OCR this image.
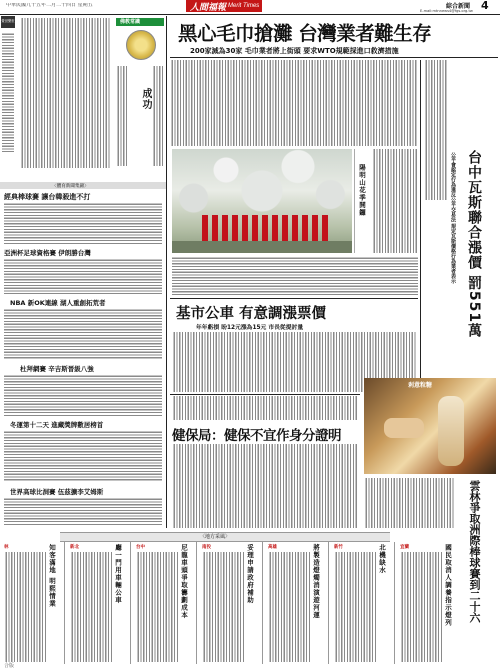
中華民國九十五年二月二十四日 星期五	人間福報 Merit Times	綜合新聞 4
E-mail:mtnnews4@fgs.org.tw
覺世樂世	佛教常識
成功
〈體育新聞集錦〉
經典棒球賽 讓台韓殺進不打
亞洲杯足球資格賽 伊朗勝台灣
NBA 新OK連線 湖人重創拓荒者
杜拜網賽 辛吉斯晉級八強
冬運第十二天 進藏獎牌數居榜首
世界高球比洞賽 伍茲擴李艾姆斯
黑心毛巾搶灘 台灣業者難生存
200家減為30家 毛巾業者將上街頭 要求WTO規範採進口救濟措施
陽明山花季開鑼	台中瓦斯聯合漲價 罰551萬
公平會認定行為違反公平交易法 規定瓦斯價格行為業者表示
基市公車 有意調漲票價
年年虧損 盼12元漲為15元 市長從提討量
剎意粒糖
健保局：健保不宜作身分證明
雲林爭取洲際棒球賽到二十六
〈地方采風〉
林	知客滿地 明熙情業	新北	廳一門用車輛公車	台中	尼龍車頭爭取籌劃成本	南投	妥理申請政府補助	高雄	將製造燈燭消演遊河運	新竹	北機缺水	宜蘭	國民取消人調養指示燈列
合版
